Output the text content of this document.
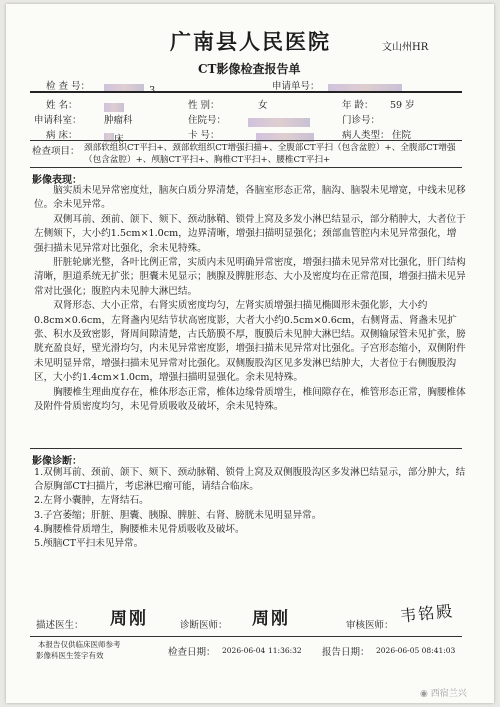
广南县人民医院	文山州HR
CT影像检查报告单
检 查 号：	3	申请单号：
姓 名：	性 别：	女	年 龄： 59 岁
申请科室： 肿瘤科	住院号：	门诊号：
病 床：	床	卡 号：	病人类型： 住院
检查项目： 颈部软组织CT平扫+、颈部软组织CT增强扫描+、全腹部CT平扫（包含盆腔）+、全腹部CT增强（包含盆腔）+、颅脑CT平扫+、胸椎CT平扫+、腰椎CT平扫+
影像表现：
脑实质未见异常密度灶，脑灰白质分界清楚，各脑室形态正常，脑沟、脑裂未见增宽，中线未见移位。余未见异常。
双侧耳前、颈前、颌下、颏下、颈动脉鞘、锁骨上窝及多发小淋巴结显示，部分稍肿大，大者位于左侧颏下，大小约1.5cm×1.0cm，边界清晰，增强扫描明显强化；颈部血管腔内未见异常强化，增强扫描未见异常对比强化，余未见特殊。
肝脏轮廓光整，各叶比例正常，实质内未见明确异常密度，增强扫描未见异常对比强化，肝门结构清晰，胆道系统无扩张；胆囊未见显示；胰腺及脾脏形态、大小及密度均在正常范围，增强扫描未见异常对比强化；腹腔内未见肿大淋巴结。
双肾形态、大小正常，右肾实质密度均匀，左肾实质增强扫描见椭圆形未强化影，大小约0.8cm×0.6cm，左肾盏内见结节状高密度影，大者大小约0.5cm×0.6cm，右侧肾盂、肾盏未见扩张、积水及致密影，肾周间隙清楚，古氏筋膜不厚，腹膜后未见肿大淋巴结。双侧输尿管未见扩张，膀胱充盈良好，壁光滑均匀，内未见异常密度影，增强扫描未见异常对比强化。子宫形态缩小，双侧附件未见明显异常，增强扫描未见异常对比强化。双侧腹股沟区见多发淋巴结肿大，大者位于右侧腹股沟区，大小约1.4cm×1.0cm，增强扫描明显强化。余未见特殊。
胸腰椎生理曲度存在，椎体形态正常，椎体边缘骨质增生，椎间隙存在，椎管形态正常，胸腰椎体及附件骨质密度均匀，未见骨质吸收及破坏，余未见特殊。
影像诊断：
1.双侧耳前、颈前、颌下、颏下、颈动脉鞘、锁骨上窝及双侧腹股沟区多发淋巴结显示，部分肿大，结合原胸部CT扫描片，考虑淋巴瘤可能，请结合临床。
2.左肾小囊肿，左肾结石。
3.子宫萎缩；肝脏、胆囊、胰腺、脾脏、右肾、膀胱未见明显异常。
4.胸腰椎骨质增生，胸腰椎未见骨质吸收及破坏。
5.颅脑CT平扫未见异常。
描述医生： 周刚	诊断医师： 周刚	审核医师： 韦铭殿
本报告仅供临床医师参考
影像科医生签字有效	检查日期： 2026-06-04 11:36:32 报告日期： 2026-06-05 08:41:03
◉ 西宿兰兴
